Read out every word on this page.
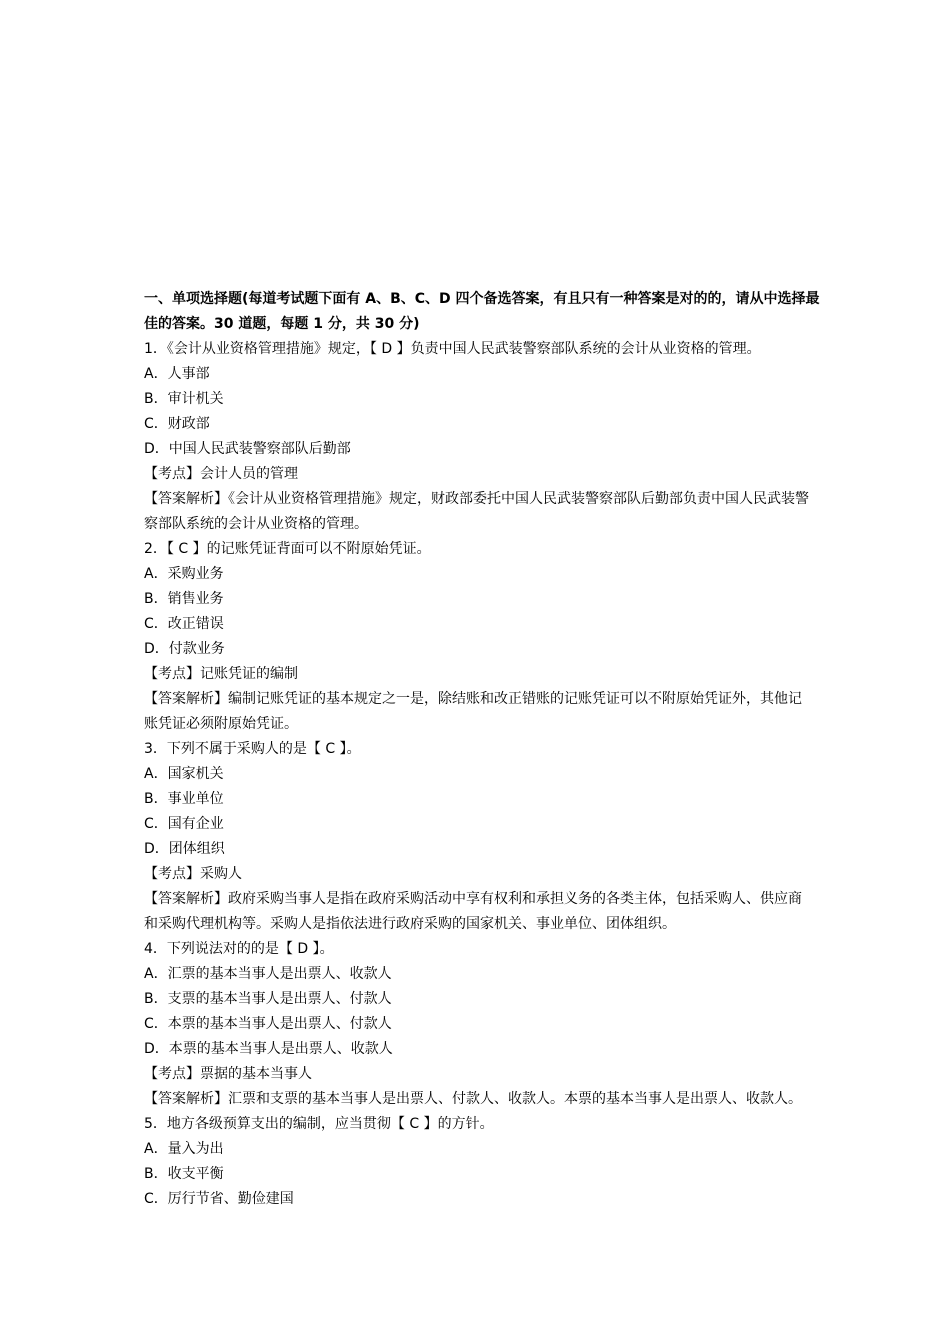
一、单项选择题(每道考试题下面有 A、B、C、D 四个备选答案，有且只有一种答案是对的的，请从中选择最佳的答案。30 道题，每题 1 分，共 30 分)
1．《会计从业资格管理措施》规定，【 D 】负责中国人民武装警察部队系统的会计从业资格的管理。
A．人事部
B．审计机关
C．财政部
D．中国人民武装警察部队后勤部
【考点】会计人员的管理
【答案解析】《会计从业资格管理措施》规定，财政部委托中国人民武装警察部队后勤部负责中国人民武装警察部队系统的会计从业资格的管理。
2．【 C 】的记账凭证背面可以不附原始凭证。
A．采购业务
B．销售业务
C．改正错误
D．付款业务
【考点】记账凭证的编制
【答案解析】编制记账凭证的基本规定之一是，除结账和改正错账的记账凭证可以不附原始凭证外，其他记账凭证必须附原始凭证。
3．下列不属于采购人的是【 C 】。
A．国家机关
B．事业单位
C．国有企业
D．团体组织
【考点】采购人
【答案解析】政府采购当事人是指在政府采购活动中享有权利和承担义务的各类主体，包括采购人、供应商和采购代理机构等。采购人是指依法进行政府采购的国家机关、事业单位、团体组织。
4．下列说法对的的是【 D 】。
A．汇票的基本当事人是出票人、收款人
B．支票的基本当事人是出票人、付款人
C．本票的基本当事人是出票人、付款人
D．本票的基本当事人是出票人、收款人
【考点】票据的基本当事人
【答案解析】汇票和支票的基本当事人是出票人、付款人、收款人。本票的基本当事人是出票人、收款人。
5．地方各级预算支出的编制，应当贯彻【 C 】的方针。
A．量入为出
B．收支平衡
C．厉行节省、勤俭建国
